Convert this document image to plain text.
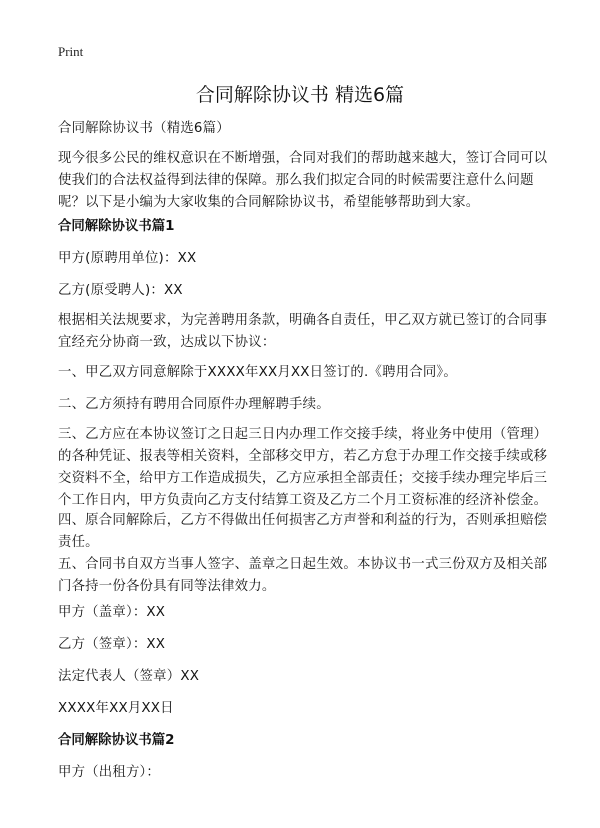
Print
合同解除协议书 精选6篇

合同解除协议书（精选6篇）

现今很多公民的维权意识在不断增强，合同对我们的帮助越来越大，签订合同可以使我们的合法权益得到法律的保障。那么我们拟定合同的时候需要注意什么问题呢？以下是小编为大家收集的合同解除协议书，希望能够帮助到大家。

合同解除协议书篇1

甲方(原聘用单位)：XX

乙方(原受聘人)：XX

根据相关法规要求，为完善聘用条款，明确各自责任，甲乙双方就已签订的合同事宜经充分协商一致，达成以下协议：

一、甲乙双方同意解除于XXXX年XX月XX日签订的.《聘用合同》。

二、乙方须持有聘用合同原件办理解聘手续。

三、乙方应在本协议签订之日起三日内办理工作交接手续，将业务中使用（管理）的各种凭证、报表等相关资料，全部移交甲方，若乙方怠于办理工作交接手续或移交资料不全，给甲方工作造成损失，乙方应承担全部责任；交接手续办理完毕后三个工作日内，甲方负责向乙方支付结算工资及乙方二个月工资标准的经济补偿金。

四、原合同解除后，乙方不得做出任何损害乙方声誉和利益的行为，否则承担赔偿责任。

五、合同书自双方当事人签字、盖章之日起生效。本协议书一式三份双方及相关部门各持一份各份具有同等法律效力。

甲方（盖章）：XX

乙方（签章）：XX

法定代表人（签章）XX

XXXX年XX月XX日

合同解除协议书篇2

甲方（出租方）：
